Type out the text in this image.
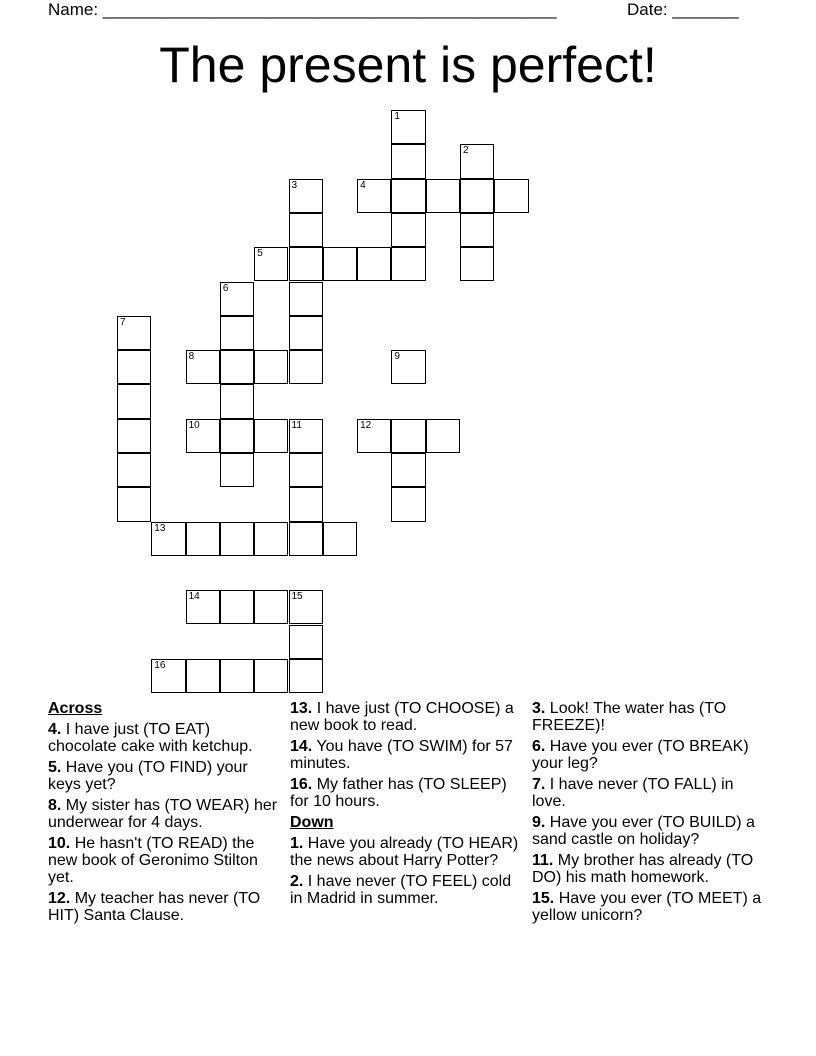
Name: ________________________________________________	Date: _______
The present is perfect!
1
2
3	4
5
6
7
8	9
10	11	12
13
14	15
16
Across
4. I have just (TO EAT) chocolate cake with ketchup.
5. Have you (TO FIND) your keys yet?
8. My sister has (TO WEAR) her underwear for 4 days.
10. He hasn't (TO READ) the new book of Geronimo Stilton yet.
12. My teacher has never (TO HIT) Santa Clause.
13. I have just (TO CHOOSE) a new book to read.
14. You have (TO SWIM) for 57 minutes.
16. My father has (TO SLEEP) for 10 hours.
Down
1. Have you already (TO HEAR) the news about Harry Potter?
2. I have never (TO FEEL) cold in Madrid in summer.
3. Look! The water has (TO FREEZE)!
6. Have you ever (TO BREAK) your leg?
7. I have never (TO FALL) in love.
9. Have you ever (TO BUILD) a sand castle on holiday?
11. My brother has already (TO DO) his math homework.
15. Have you ever (TO MEET) a yellow unicorn?
